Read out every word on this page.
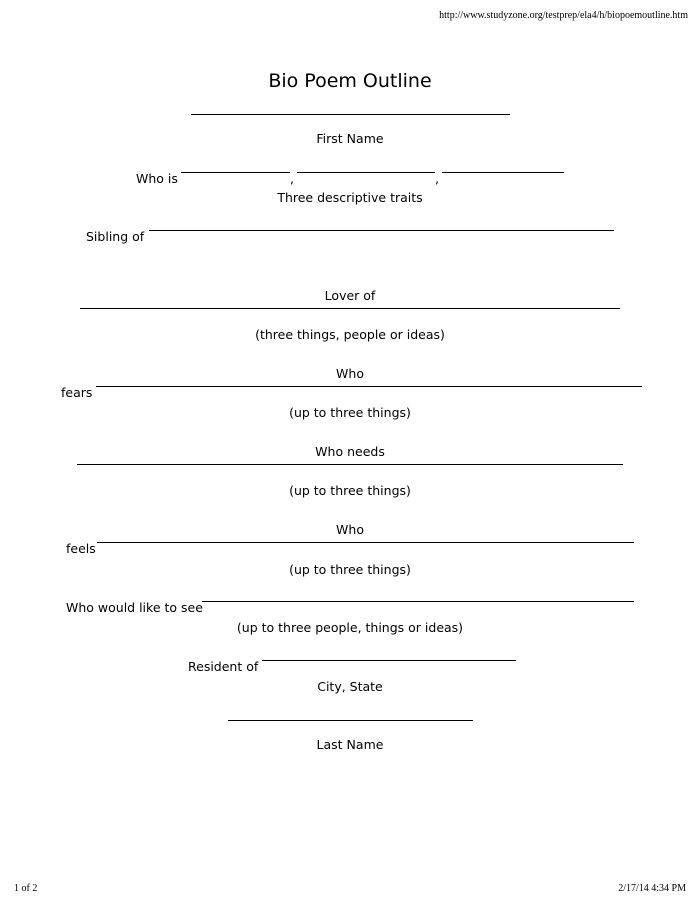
http://www.studyzone.org/testprep/ela4/h/biopoemoutline.htm
Bio Poem Outline
First Name
Who is	,	,
Three descriptive traits
Sibling of
Lover of
(three things, people or ideas)
Who
fears
(up to three things)
Who needs
(up to three things)
Who
feels
(up to three things)
Who would like to see
(up to three people, things or ideas)
Resident of
City, State
Last Name
1 of 2	2/17/14 4:34 PM
